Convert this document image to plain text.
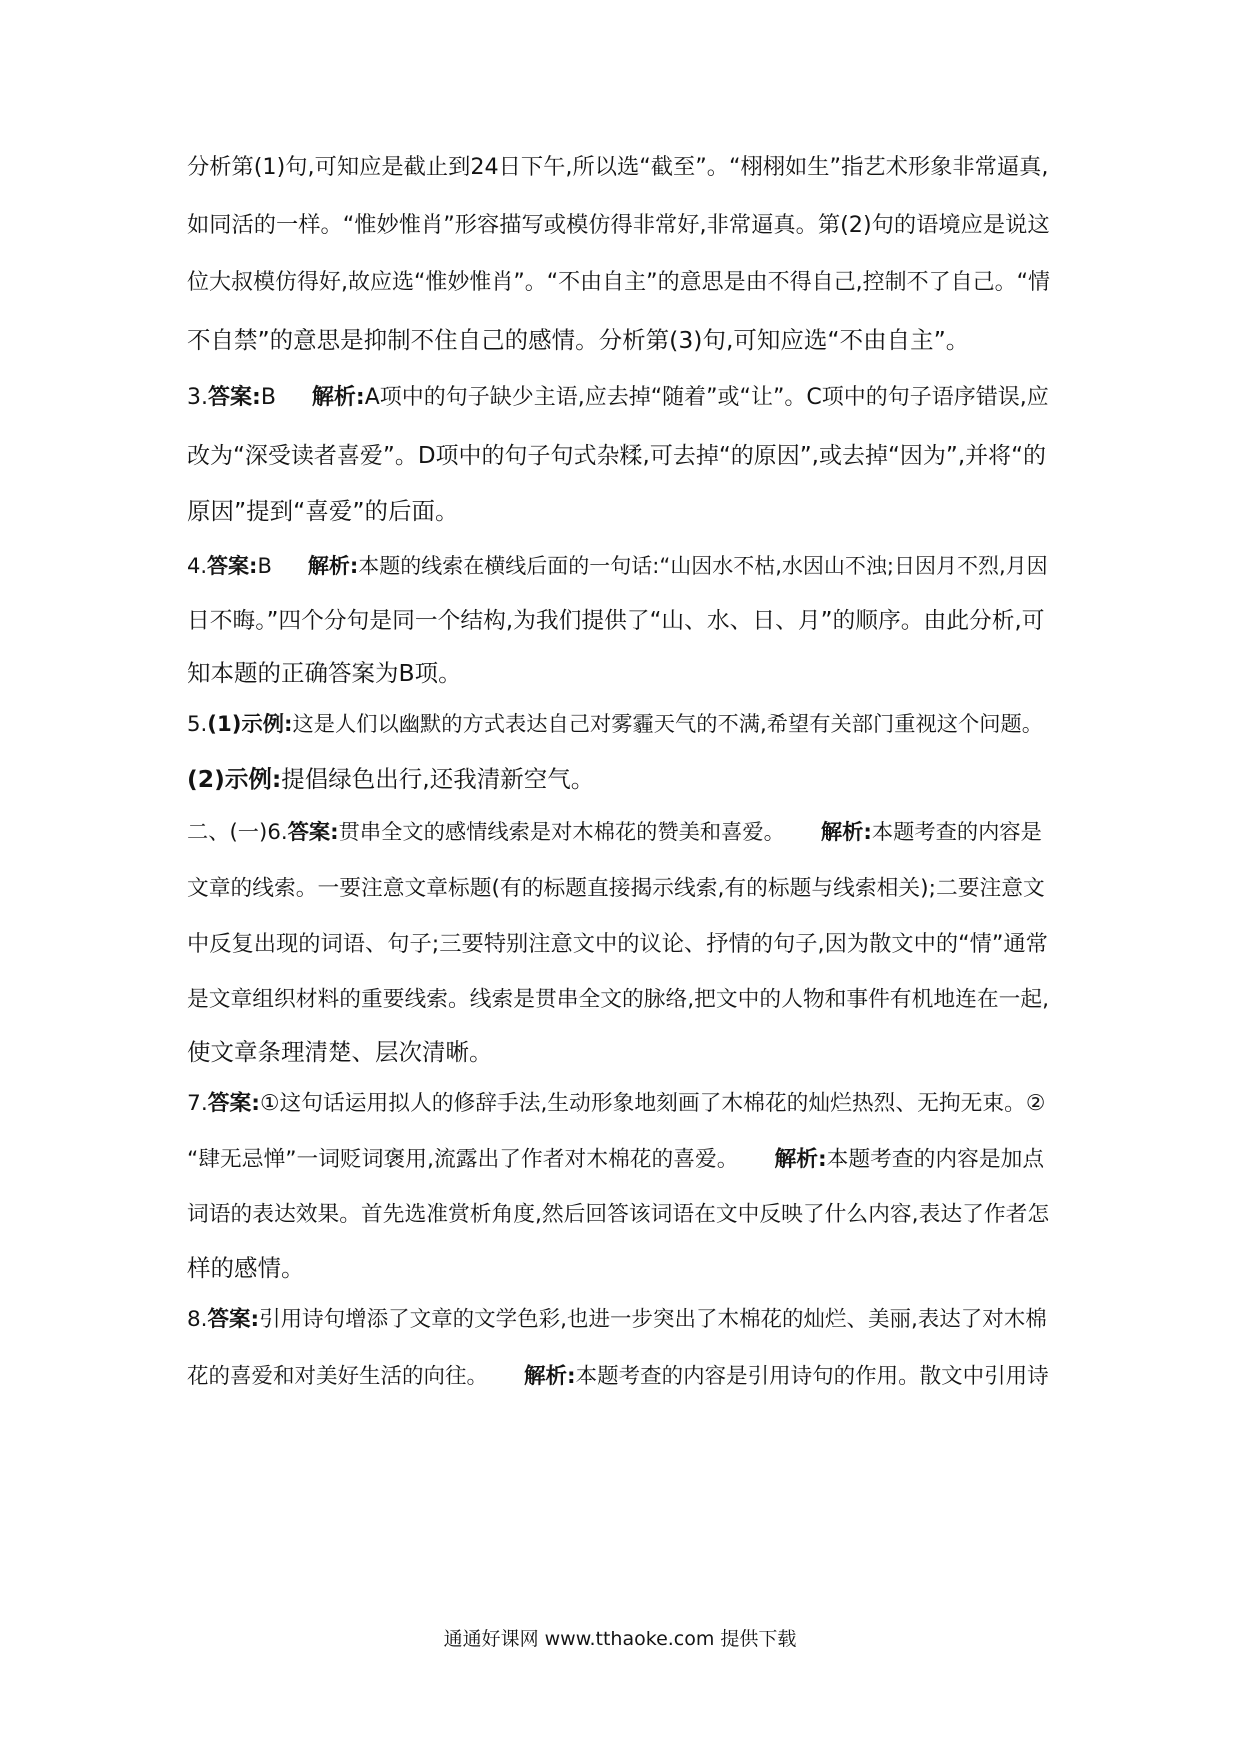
分析第(1)句,可知应是截止到24日下午,所以选“截至”。“栩栩如生”指艺术形象非常逼真,
如同活的一样。“惟妙惟肖”形容描写或模仿得非常好,非常逼真。第(2)句的语境应是说这
位大叔模仿得好,故应选“惟妙惟肖”。“不由自主”的意思是由不得自己,控制不了自己。“情
不自禁”的意思是抑制不住自己的感情。分析第(3)句,可知应选“不由自主”。
3.答案:B 解析:A项中的句子缺少主语,应去掉“随着”或“让”。C项中的句子语序错误,应
改为“深受读者喜爱”。D项中的句子句式杂糅,可去掉“的原因”,或去掉“因为”,并将“的
原因”提到“喜爱”的后面。
4.答案:B 解析:本题的线索在横线后面的一句话:“山因水不枯,水因山不浊;日因月不烈,月因
日不晦。”四个分句是同一个结构,为我们提供了“山、水、日、月”的顺序。由此分析,可
知本题的正确答案为B项。
5.(1)示例:这是人们以幽默的方式表达自己对雾霾天气的不满,希望有关部门重视这个问题。
(2)示例:提倡绿色出行,还我清新空气。
二、(一)6.答案:贯串全文的感情线索是对木棉花的赞美和喜爱。 解析:本题考查的内容是
文章的线索。一要注意文章标题(有的标题直接揭示线索,有的标题与线索相关);二要注意文
中反复出现的词语、句子;三要特别注意文中的议论、抒情的句子,因为散文中的“情”通常
是文章组织材料的重要线索。线索是贯串全文的脉络,把文中的人物和事件有机地连在一起,
使文章条理清楚、层次清晰。
7.答案:①这句话运用拟人的修辞手法,生动形象地刻画了木棉花的灿烂热烈、无拘无束。②
“肆无忌惮”一词贬词褒用,流露出了作者对木棉花的喜爱。 解析:本题考查的内容是加点
词语的表达效果。首先选准赏析角度,然后回答该词语在文中反映了什么内容,表达了作者怎
样的感情。
8.答案:引用诗句增添了文章的文学色彩,也进一步突出了木棉花的灿烂、美丽,表达了对木棉
花的喜爱和对美好生活的向往。 解析:本题考查的内容是引用诗句的作用。散文中引用诗
通通好课网 www.tthaoke.com 提供下载
